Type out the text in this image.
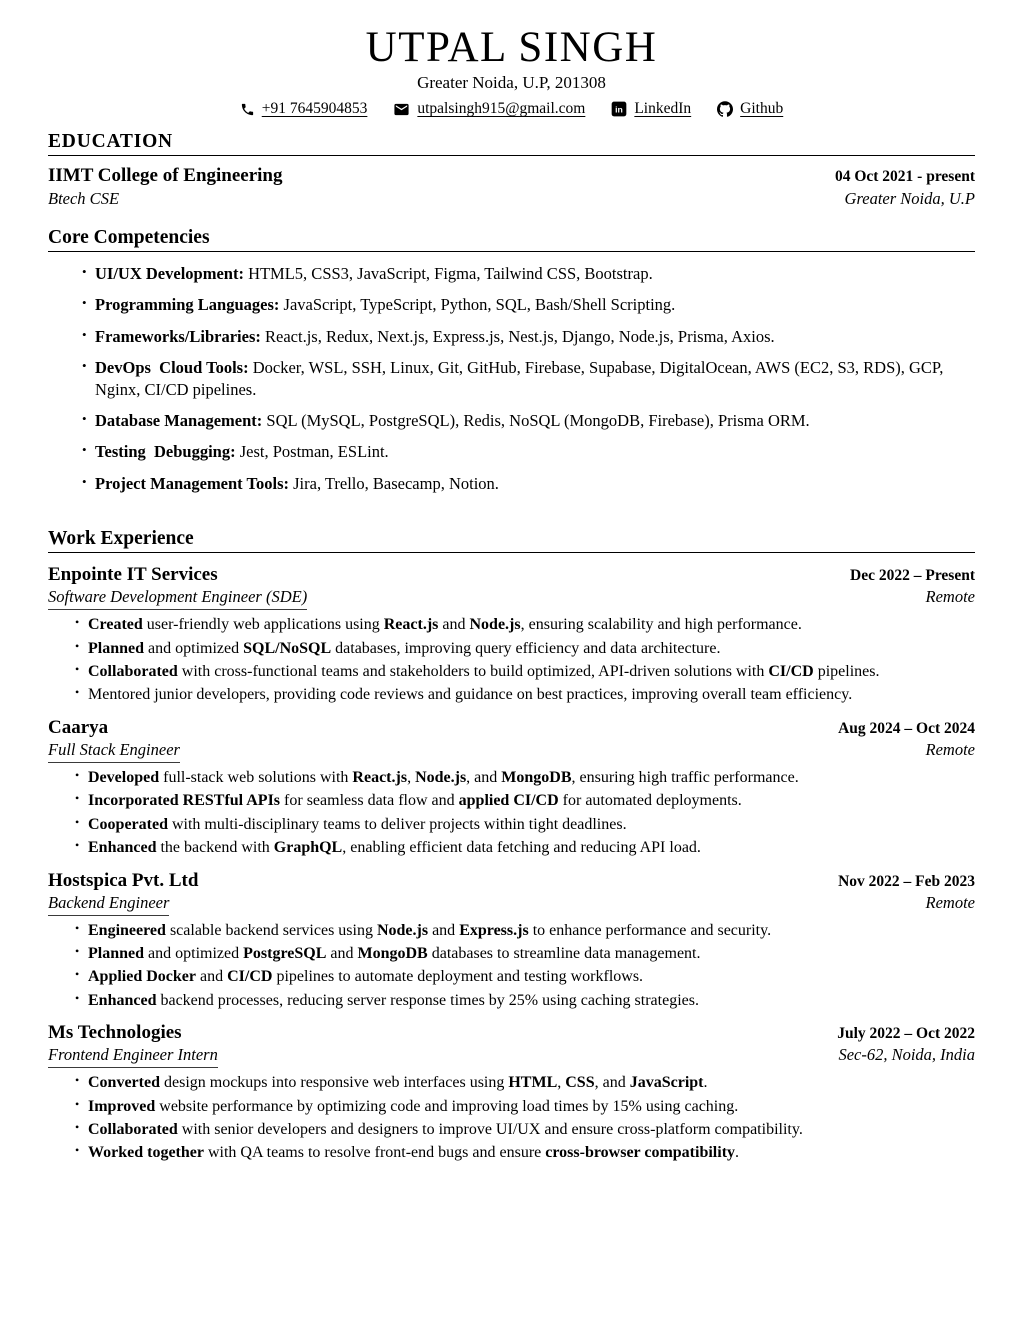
UTPAL SINGH
Greater Noida, U.P, 201308
+91 7645904853	utpalsingh915@gmail.com in LinkedIn	Github
EDUCATION
IIMT College of Engineering	04 Oct 2021 - present
Btech CSE	Greater Noida, U.P
Core Competencies
• UI/UX Development: HTML5, CSS3, JavaScript, Figma, Tailwind CSS, Bootstrap.
• Programming Languages: JavaScript, TypeScript, Python, SQL, Bash/Shell Scripting.
• Frameworks/Libraries: React.js, Redux, Next.js, Express.js, Nest.js, Django, Node.js, Prisma, Axios.
• DevOps  Cloud Tools: Docker, WSL, SSH, Linux, Git, GitHub, Firebase, Supabase, DigitalOcean, AWS (EC2, S3, RDS), GCP, Nginx, CI/CD pipelines.
• Database Management: SQL (MySQL, PostgreSQL), Redis, NoSQL (MongoDB, Firebase), Prisma ORM.
• Testing  Debugging: Jest, Postman, ESLint.
• Project Management Tools: Jira, Trello, Basecamp, Notion.
Work Experience
Enpointe IT Services	Dec 2022 – Present
Software Development Engineer (SDE)	Remote
• Created user-friendly web applications using React.js and Node.js, ensuring scalability and high performance.
• Planned and optimized SQL/NoSQL databases, improving query efficiency and data architecture.
• Collaborated with cross-functional teams and stakeholders to build optimized, API-driven solutions with CI/CD pipelines.
• Mentored junior developers, providing code reviews and guidance on best practices, improving overall team efficiency.
Caarya	Aug 2024 – Oct 2024
Full Stack Engineer	Remote
• Developed full-stack web solutions with React.js, Node.js, and MongoDB, ensuring high traffic performance.
• Incorporated RESTful APIs for seamless data flow and applied CI/CD for automated deployments.
• Cooperated with multi-disciplinary teams to deliver projects within tight deadlines.
• Enhanced the backend with GraphQL, enabling efficient data fetching and reducing API load.
Hostspica Pvt. Ltd	Nov 2022 – Feb 2023
Backend Engineer	Remote
• Engineered scalable backend services using Node.js and Express.js to enhance performance and security.
• Planned and optimized PostgreSQL and MongoDB databases to streamline data management.
• Applied Docker and CI/CD pipelines to automate deployment and testing workflows.
• Enhanced backend processes, reducing server response times by 25% using caching strategies.
Ms Technologies	July 2022 – Oct 2022
Frontend Engineer Intern	Sec-62, Noida, India
• Converted design mockups into responsive web interfaces using HTML, CSS, and JavaScript.
• Improved website performance by optimizing code and improving load times by 15% using caching.
• Collaborated with senior developers and designers to improve UI/UX and ensure cross-platform compatibility.
• Worked together with QA teams to resolve front-end bugs and ensure cross-browser compatibility.
